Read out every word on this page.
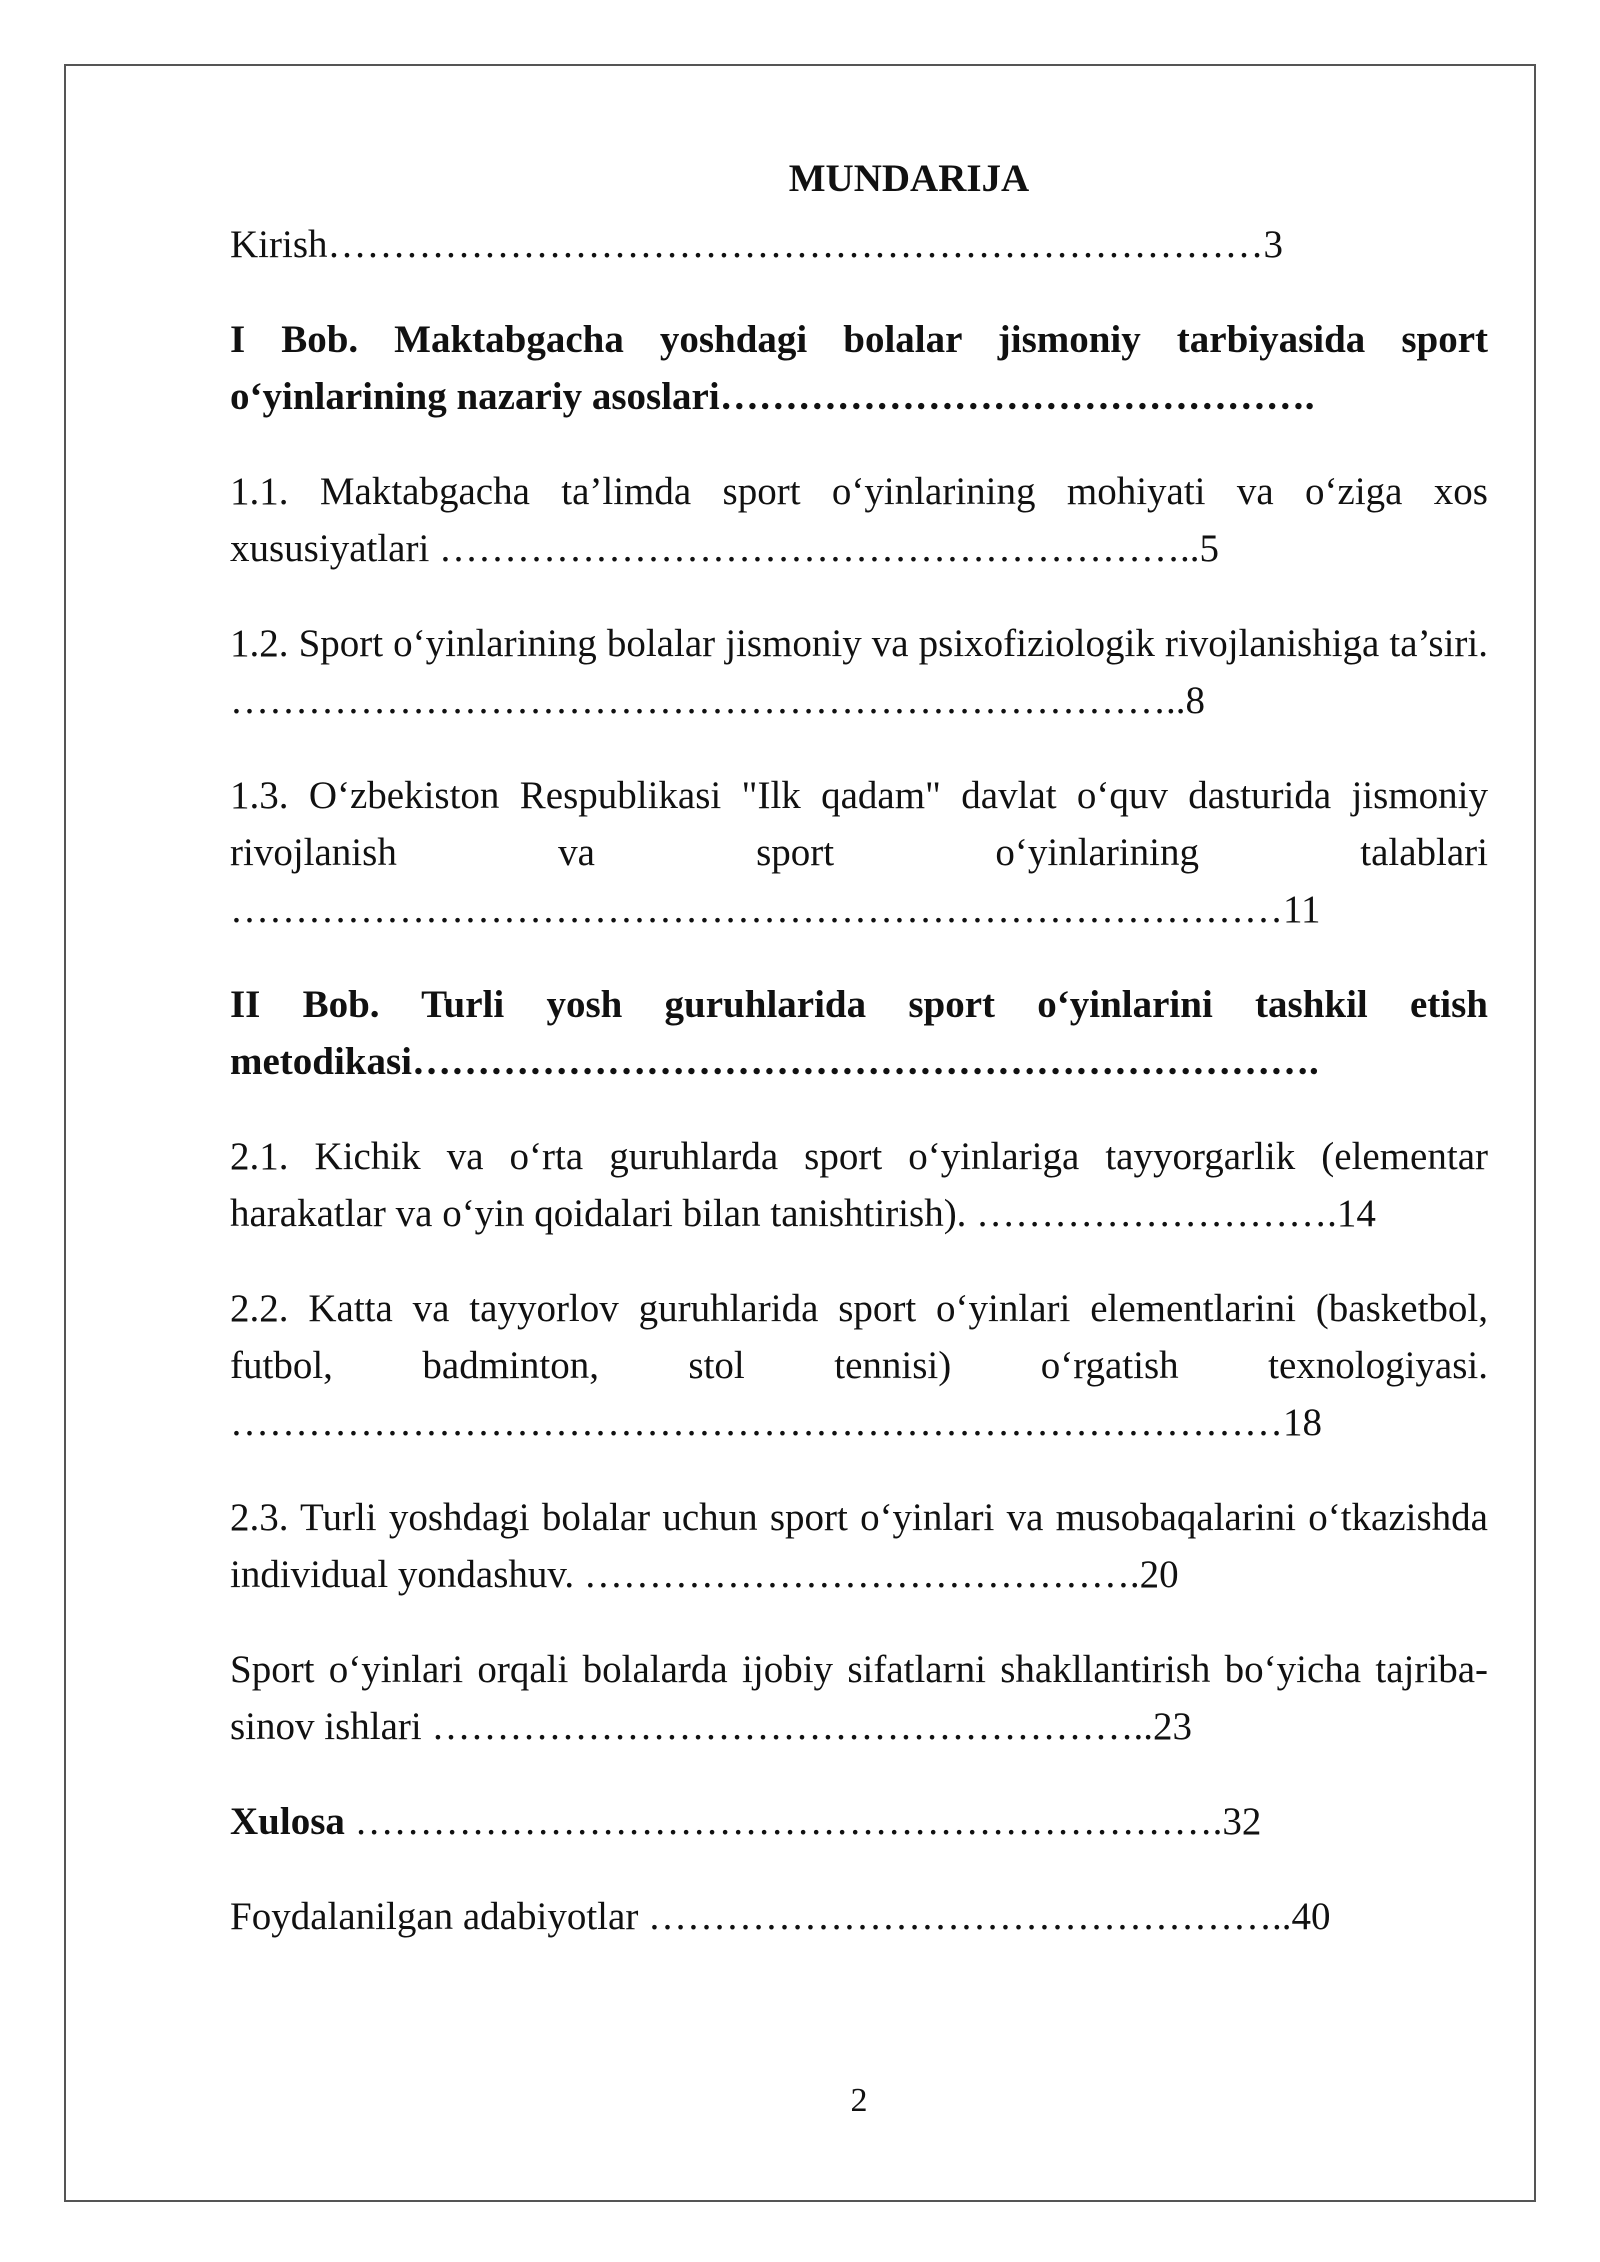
MUNDARIJA

Kirish………………………………………………………………3

I Bob. Maktabgacha yoshdagi bolalar jismoniy tarbiyasida sport o‘yinlarining nazariy asoslari……………………………………….

1.1. Maktabgacha ta’limda sport o‘yinlarining mohiyati va o‘ziga xos xususiyatlari …………………………………………………..5

1.2. Sport o‘yinlarining bolalar jismoniy va psixofiziologik rivojlanishiga ta’siri. ………………………………………………………………..8

1.3. O‘zbekiston Respublikasi "Ilk qadam" davlat o‘quv dasturida jismoniy rivojlanish va sport o‘yinlarining talablari ………………………………………………………………………11

II Bob. Turli yosh guruhlarida sport o‘yinlarini tashkil etish metodikasi…………………………………………………………….

2.1. Kichik va o‘rta guruhlarda sport o‘yinlariga tayyorgarlik (elementar harakatlar va o‘yin qoidalari bilan tanishtirish). ……………………….14

2.2. Katta va tayyorlov guruhlarida sport o‘yinlari elementlarini (basketbol, futbol, badminton, stol tennisi) o‘rgatish texnologiyasi. ………………………………………………………………………18

2.3. Turli yoshdagi bolalar uchun sport o‘yinlari va musobaqalarini o‘tkazishda individual yondashuv. …………………………………….20

Sport o‘yinlari orqali bolalarda ijobiy sifatlarni shakllantirish bo‘yicha tajriba-sinov ishlari ………………………………………………..23

Xulosa ………………………………………………………….32

Foydalanilgan adabiyotlar …………………………………………..40

2
